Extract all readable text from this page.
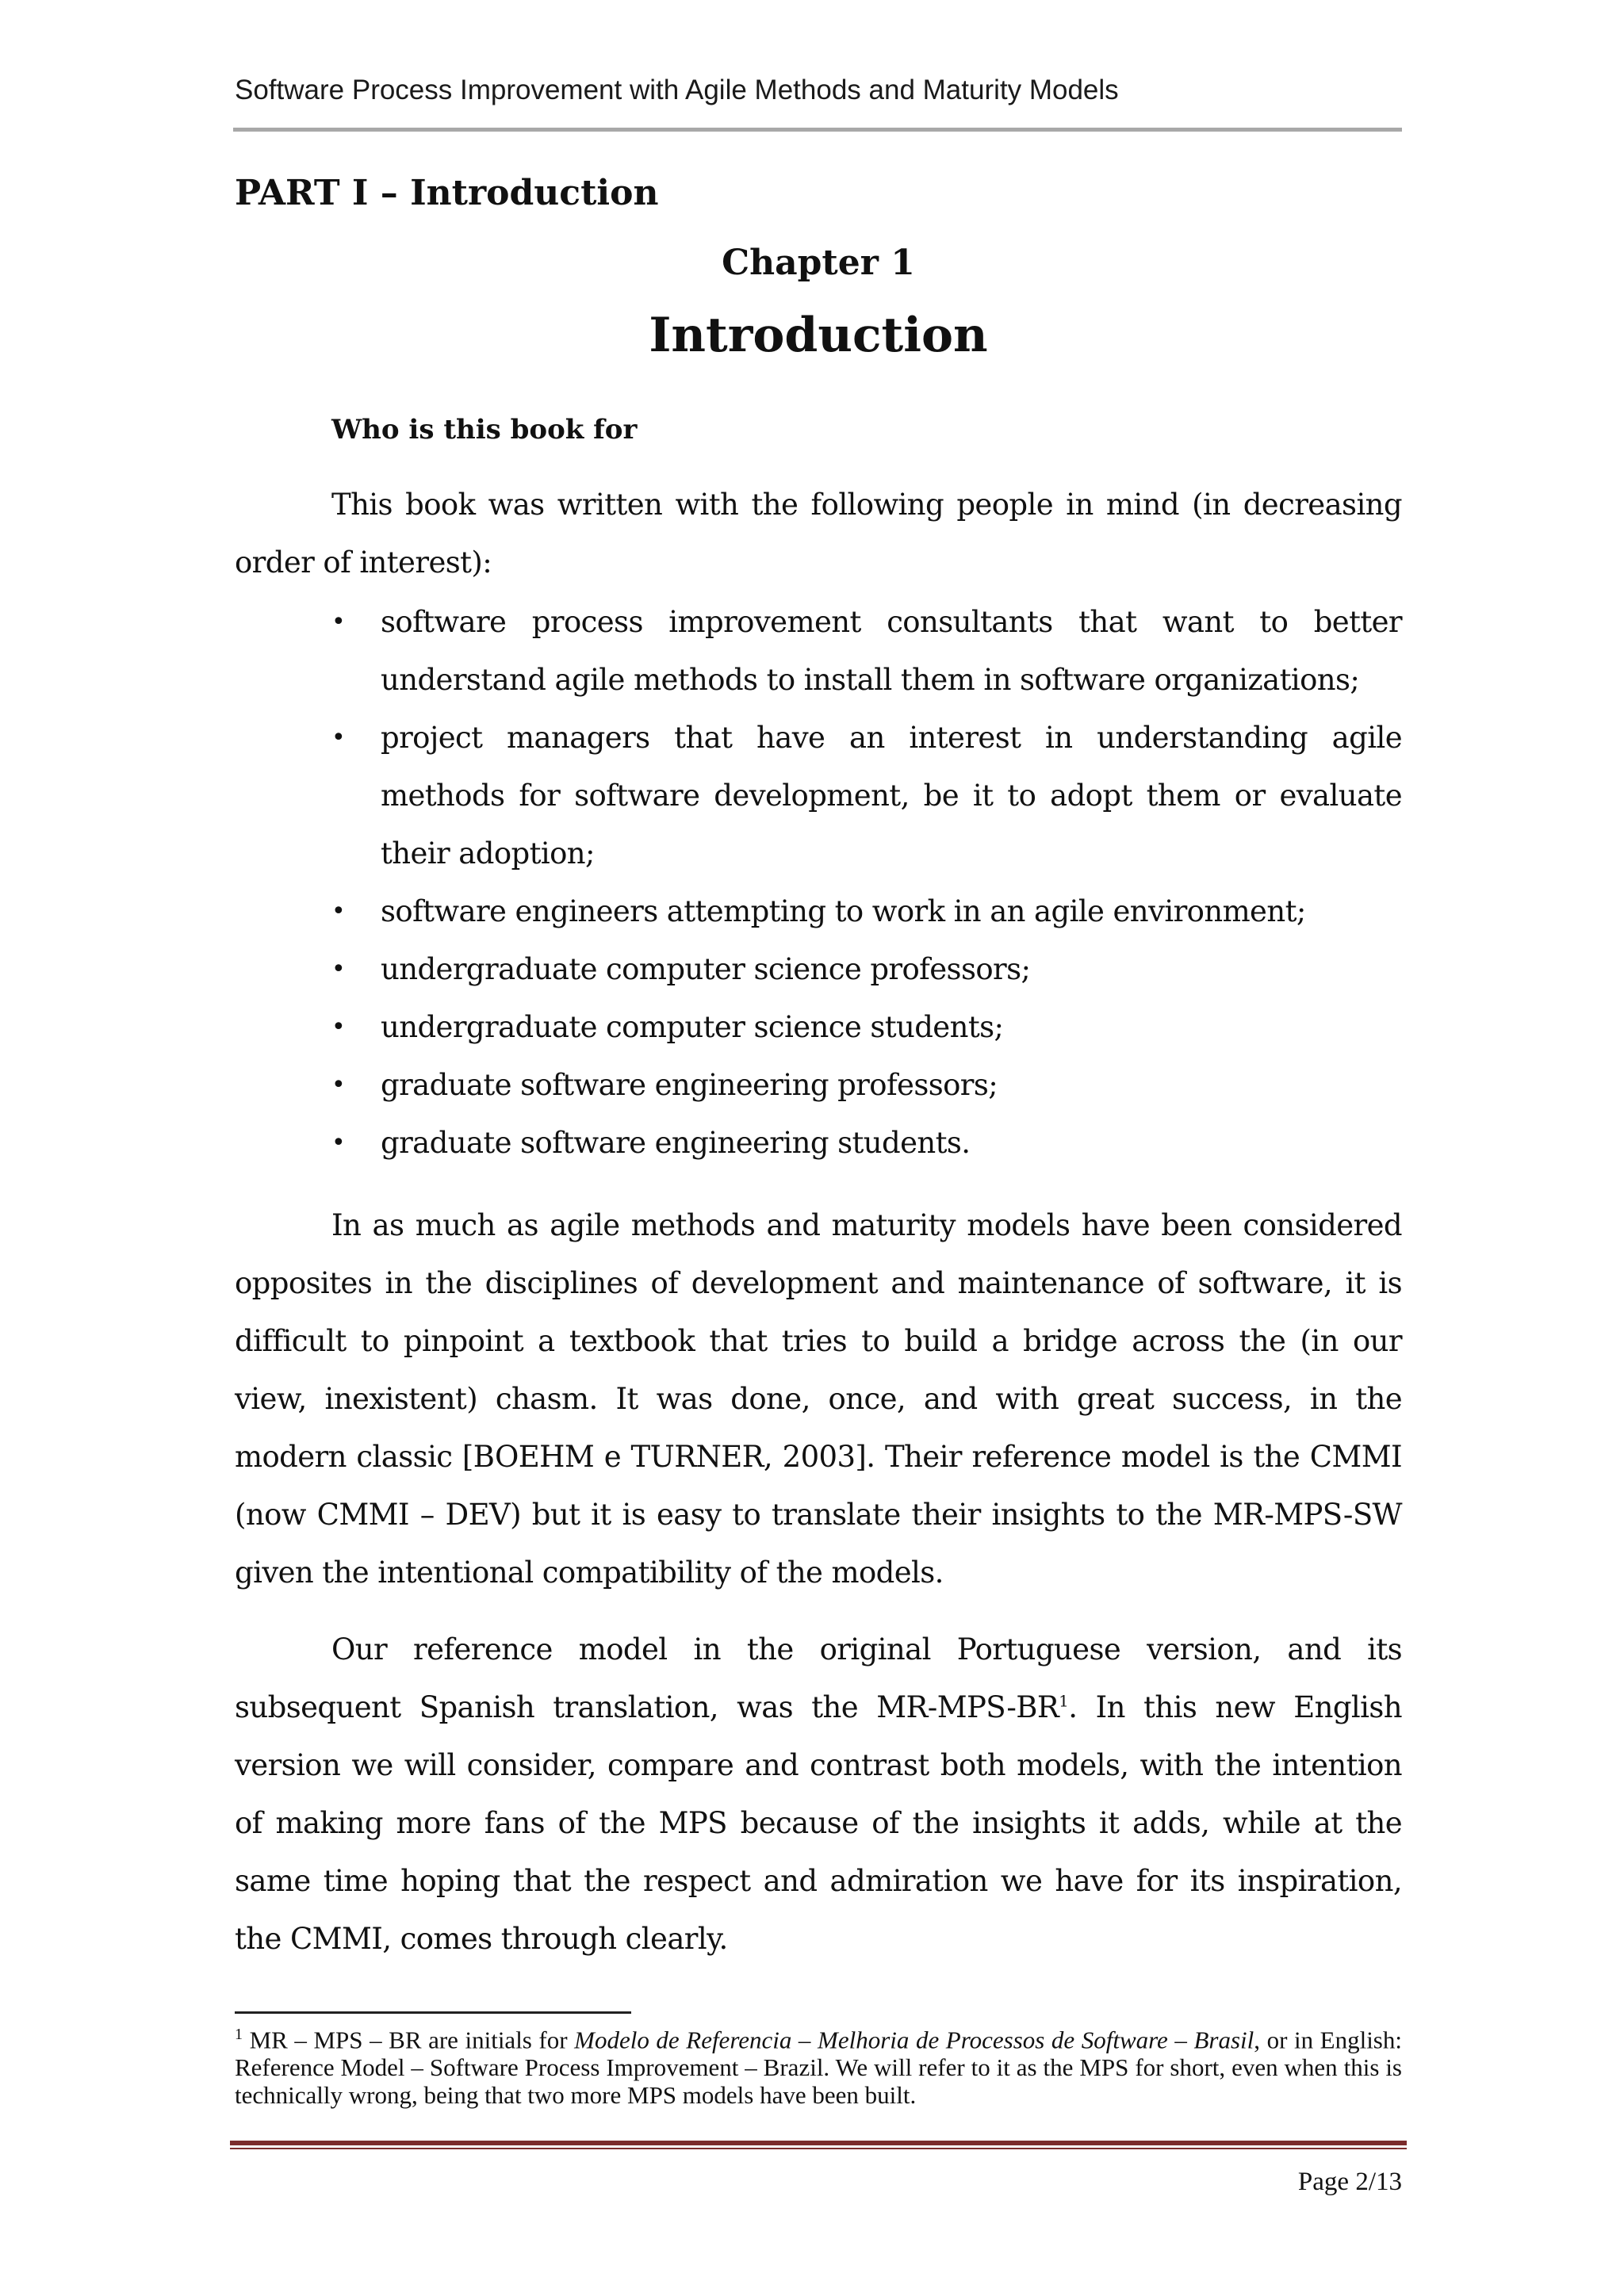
Software Process Improvement with Agile Methods and Maturity Models
PART I – Introduction
Chapter 1
Introduction
Who is this book for

This book was written with the following people in mind (in decreasing order of interest):

• software process improvement consultants that want to better understand agile methods to install them in software organizations;
• project managers that have an interest in understanding agile methods for software development, be it to adopt them or evaluate their adoption;
• software engineers attempting to work in an agile environment;
• undergraduate computer science professors;
• undergraduate computer science students;
• graduate software engineering professors;
• graduate software engineering students.

In as much as agile methods and maturity models have been considered opposites in the disciplines of development and maintenance of software, it is difficult to pinpoint a textbook that tries to build a bridge across the (in our view, inexistent) chasm. It was done, once, and with great success, in the modern classic [BOEHM e TURNER, 2003]. Their reference model is the CMMI (now CMMI – DEV) but it is easy to translate their insights to the MR-MPS-SW given the intentional compatibility of the models.

Our reference model in the original Portuguese version, and its subsequent Spanish translation, was the MR-MPS-BR$^1$. In this new English version we will consider, compare and contrast both models, with the intention of making more fans of the MPS because of the insights it adds, while at the same time hoping that the respect and admiration we have for its inspiration, the CMMI, comes through clearly.

$^1$ MR – MPS – BR are initials for Modelo de Referencia – Melhoria de Processos de Software – Brasil, or in English: Reference Model – Software Process Improvement – Brazil. We will refer to it as the MPS for short, even when this is technically wrong, being that two more MPS models have been built.

Page 2/13
